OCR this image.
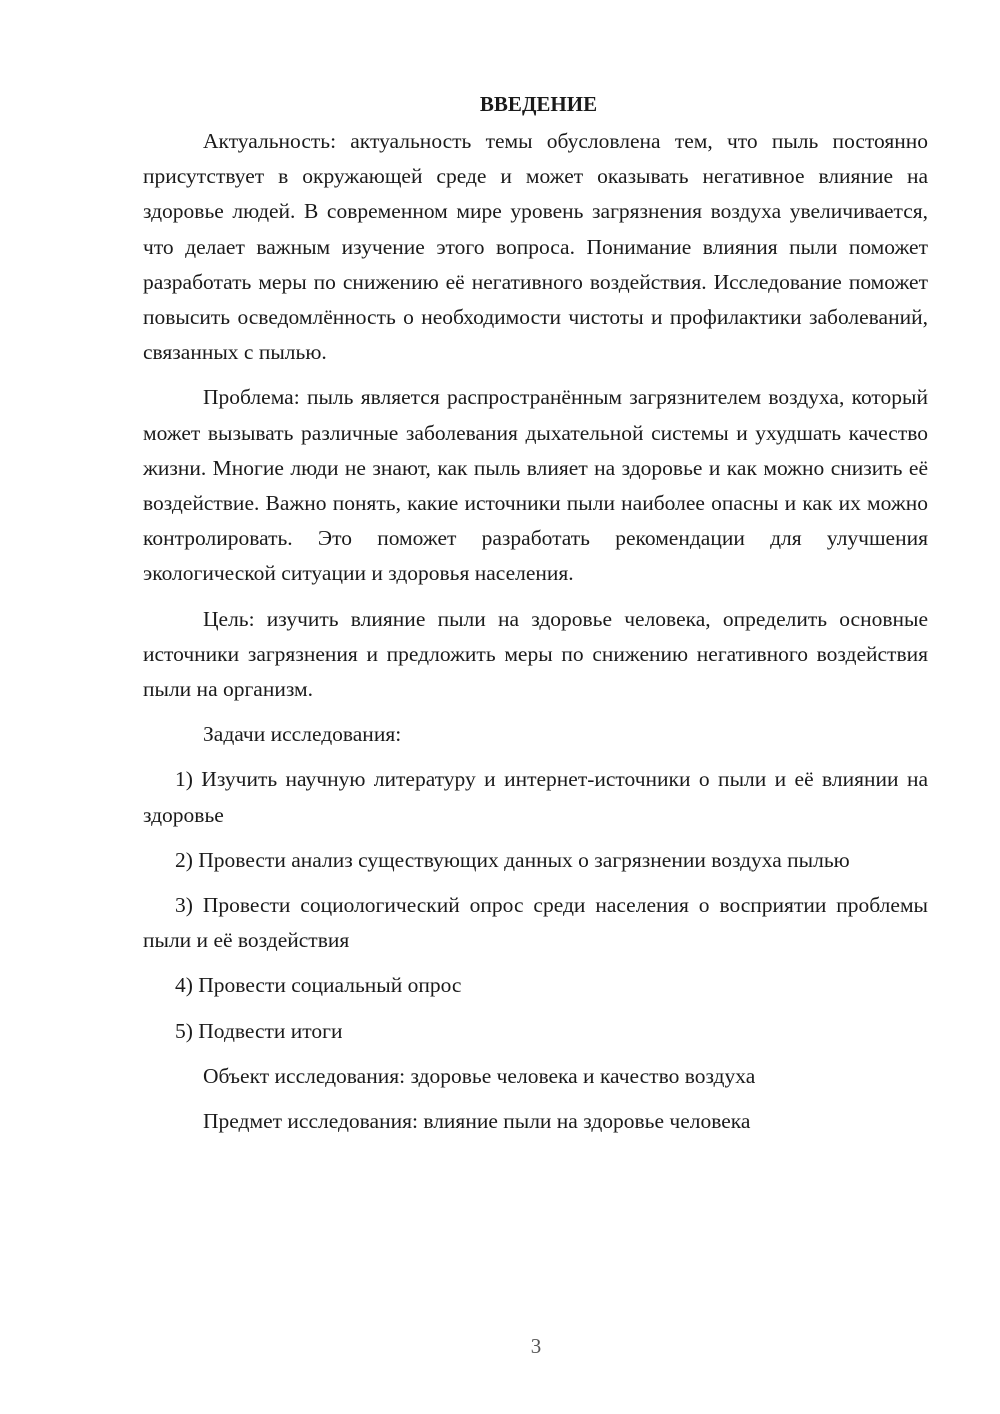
ВВЕДЕНИЕ

Актуальность: актуальность темы обусловлена тем, что пыль постоянно присутствует в окружающей среде и может оказывать негативное влияние на здоровье людей. В современном мире уровень загрязнения воздуха увеличивается, что делает важным изучение этого вопроса. Понимание влияния пыли поможет разработать меры по снижению её негативного воздействия. Исследование поможет повысить осведомлённость о необходимости чистоты и профилактики заболеваний, связанных с пылью.

Проблема: пыль является распространённым загрязнителем воздуха, который может вызывать различные заболевания дыхательной системы и ухудшать качество жизни. Многие люди не знают, как пыль влияет на здоровье и как можно снизить её воздействие. Важно понять, какие источники пыли наиболее опасны и как их можно контролировать. Это поможет разработать рекомендации для улучшения экологической ситуации и здоровья населения.

Цель: изучить влияние пыли на здоровье человека, определить основные источники загрязнения и предложить меры по снижению негативного воздействия пыли на организм.

Задачи исследования:

1) Изучить научную литературу и интернет-источники о пыли и её влиянии на здоровье

2) Провести анализ существующих данных о загрязнении воздуха пылью

3) Провести социологический опрос среди населения о восприятии проблемы пыли и её воздействия

4) Провести социальный опрос

5) Подвести итоги

Объект исследования: здоровье человека и качество воздуха

Предмет исследования: влияние пыли на здоровье человека

3
